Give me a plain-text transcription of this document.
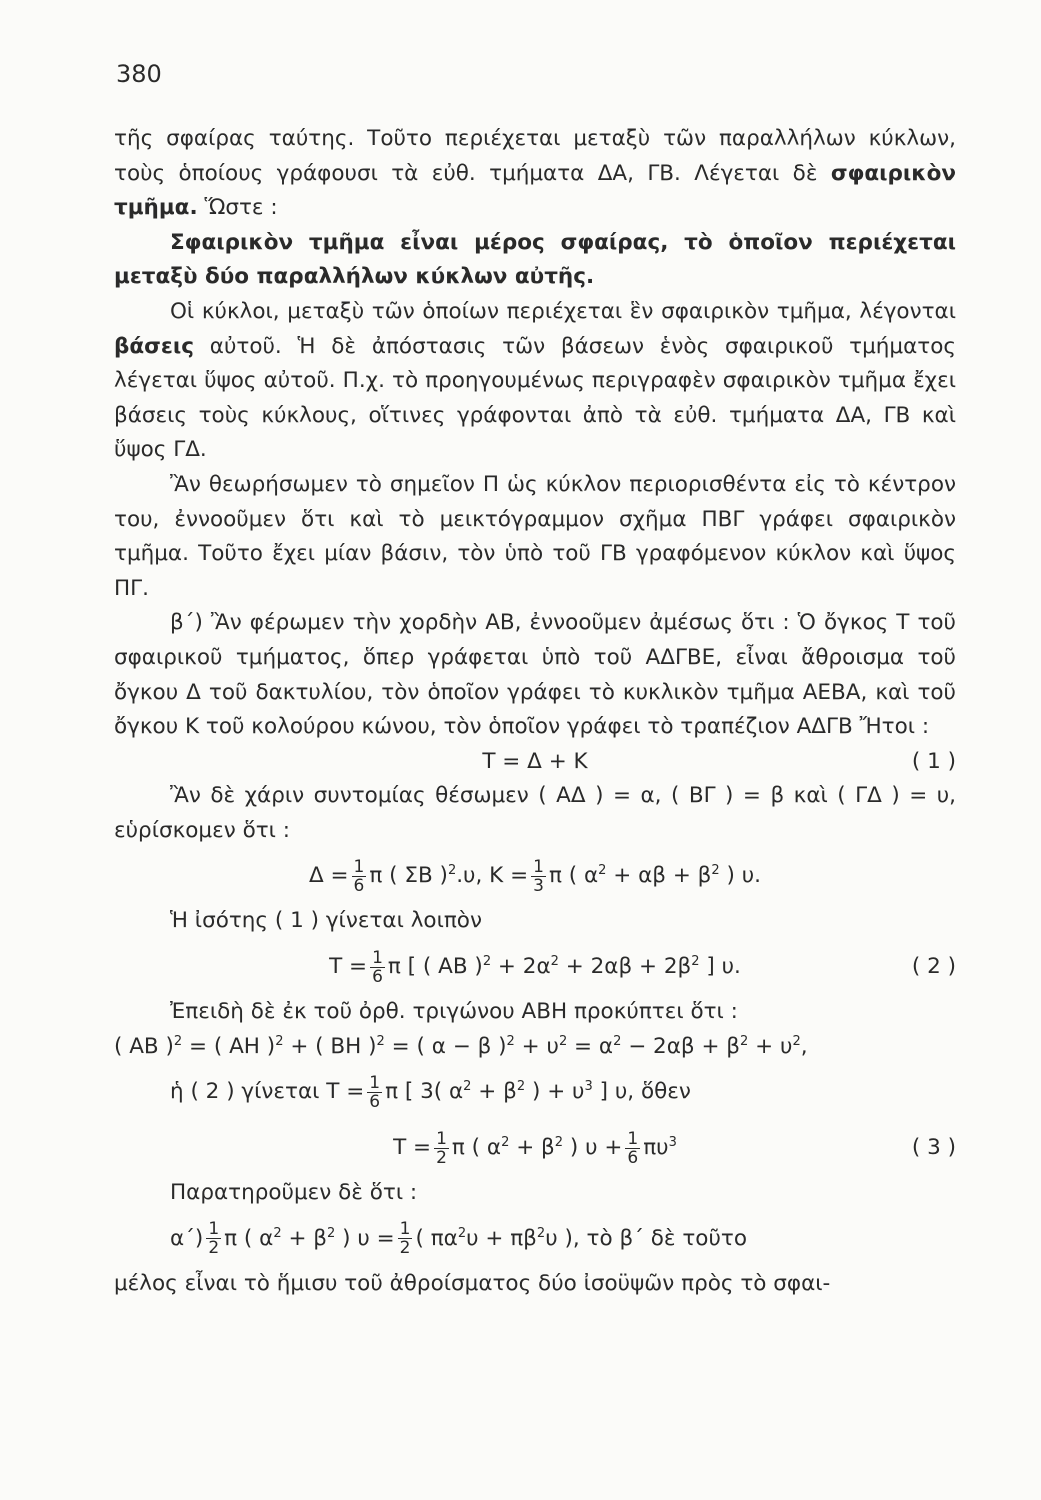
380

τῆς σφαίρας ταύτης. Τοῦτο περιέχεται μεταξὺ τῶν παραλλήλων κύκλων, τοὺς ὁποίους γράφουσι τὰ εὐθ. τμήματα ΔΑ, ΓΒ. Λέγεται δὲ σφαιρικὸν τμῆμα. Ὥστε :

Σφαιρικὸν τμῆμα εἶναι μέρος σφαίρας, τὸ ὁποῖον περιέχεται μεταξὺ δύο παραλλήλων κύκλων αὐτῆς.

Οἱ κύκλοι, μεταξὺ τῶν ὁποίων περιέχεται ἓν σφαιρικὸν τμῆμα, λέγονται βάσεις αὐτοῦ. Ἡ δὲ ἀπόστασις τῶν βάσεων ἑνὸς σφαιρικοῦ τμήματος λέγεται ὕψος αὐτοῦ. Π.χ. τὸ προηγουμένως περιγραφὲν σφαιρικὸν τμῆμα ἔχει βάσεις τοὺς κύκλους, οἵτινες γράφονται ἀπὸ τὰ εὐθ. τμήματα ΔΑ, ΓΒ καὶ ὕψος ΓΔ.

Ἂν θεωρήσωμεν τὸ σημεῖον Π ὡς κύκλον περιορισθέντα εἰς τὸ κέντρον του, ἐννοοῦμεν ὅτι καὶ τὸ μεικτόγραμμον σχῆμα ΠΒΓ γράφει σφαιρικὸν τμῆμα. Τοῦτο ἔχει μίαν βάσιν, τὸν ὑπὸ τοῦ ΓΒ γραφόμενον κύκλον καὶ ὕψος ΠΓ.

β΄) Ἂν φέρωμεν τὴν χορδὴν ΑΒ, ἐννοοῦμεν ἀμέσως ὅτι : Ὁ ὄγκος Τ τοῦ σφαιρικοῦ τμήματος, ὅπερ γράφεται ὑπὸ τοῦ ΑΔΓΒΕ, εἶναι ἄθροισμα τοῦ ὄγκου Δ τοῦ δακτυλίου, τὸν ὁποῖον γράφει τὸ κυκλικὸν τμῆμα ΑΕΒΑ, καὶ τοῦ ὄγκου Κ τοῦ κολούρου κώνου, τὸν ὁποῖον γράφει τὸ τραπέζιον ΑΔΓΒ Ἤτοι :

Τ = Δ + Κ	( 1 )

Ἂν δὲ χάριν συντομίας θέσωμεν ( ΑΔ ) = α, ( ΒΓ ) = β καὶ ( ΓΔ ) = υ, εὑρίσκομεν ὅτι :

$\Delta = \frac{1}{6}$ π ( ΣΒ )$^2$.υ, $K = \frac{1}{3}$ π ( $\alpha^2 + \alpha\beta + \beta^2$ ) υ.

Ἡ ἰσότης ( 1 ) γίνεται λοιπὸν

$T = \frac{1}{6}$ π [ ( ΑΒ )$^2 + 2\alpha^2 + 2\alpha\beta + 2\beta^2$ ] υ.	( 2 )

Ἐπειδὴ δὲ ἐκ τοῦ ὀρθ. τριγώνου ΑΒΗ προκύπτει ὅτι :

( ΑΒ )$^2$ = ( ΑΗ )$^2$ + ( ΒΗ )$^2$ = ( α − β )$^2 + \upsilon^2 = \alpha^2 - 2\alpha\beta + \beta^2 + \upsilon^2$,
ἡ ( 2 ) γίνεται $T = \frac{1}{6}$ π [ 3( $\alpha^2 + \beta^2$ ) + $\upsilon^3$ ] υ, ὅθεν
$T = \frac{1}{2}$ π ( $\alpha^2 + \beta^2$ ) $\upsilon + \frac{1}{6} \pi\upsilon^3$	( 3 )

Παρατηροῦμεν δὲ ὅτι :

$\alpha΄) \frac{1}{2}$ π ( $\alpha^2 + \beta^2$ ) $\upsilon = \frac{1}{2}$ ( $\pi\alpha^2\upsilon + \pi\beta^2\upsilon$ ), τὸ β΄ δὲ τοῦτο

μέλος εἶναι τὸ ἥμισυ τοῦ ἀθροίσματος δύο ἰσοϋψῶν πρὸς τὸ σφαι-
